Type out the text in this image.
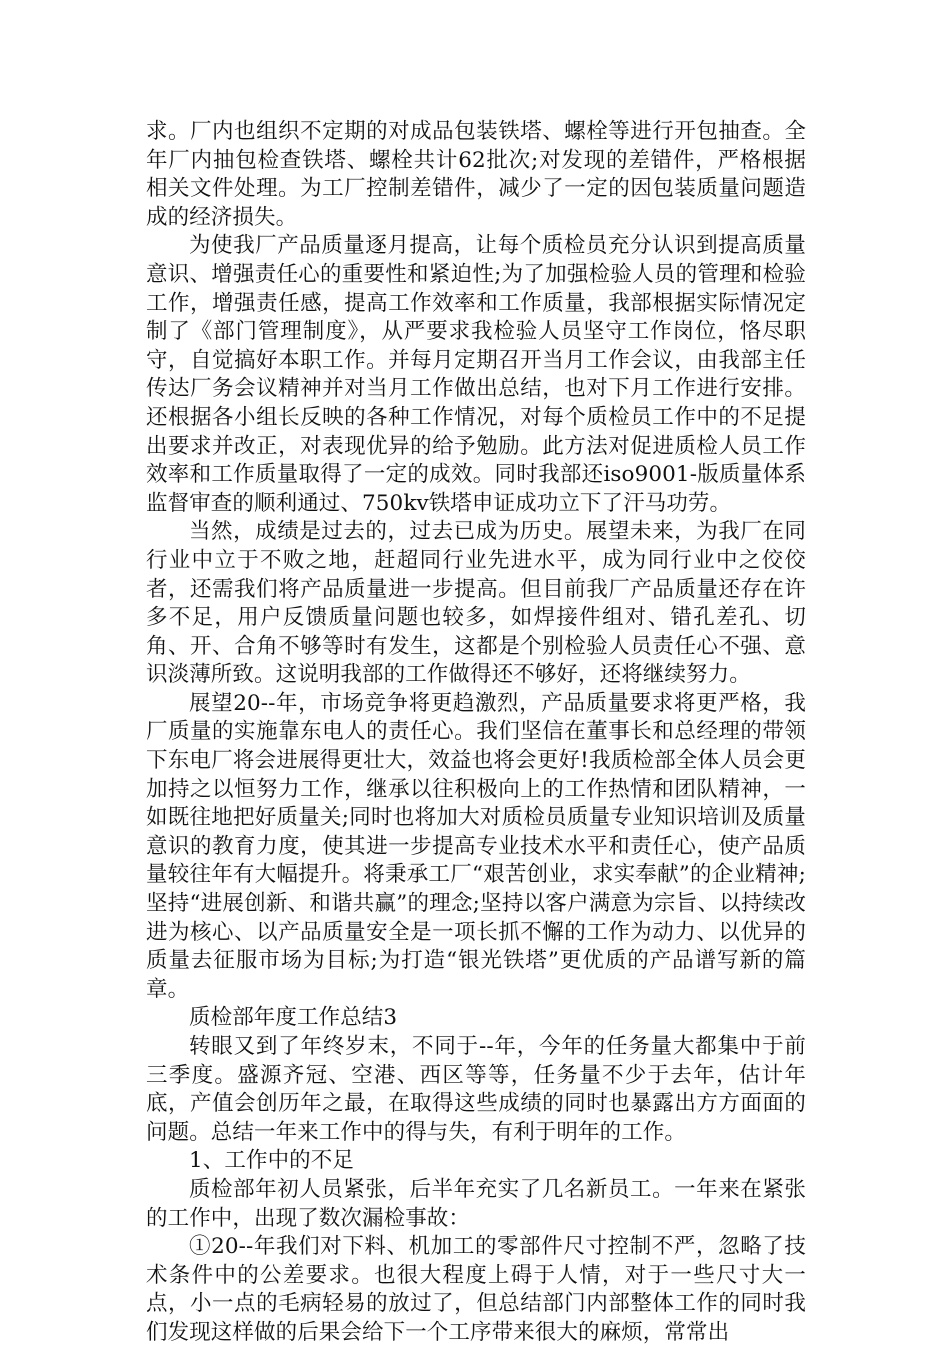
求。厂内也组织不定期的对成品包装铁塔、螺栓等进行开包抽查。全年厂内抽包检查铁塔、螺栓共计62批次;对发现的差错件，严格根据相关文件处理。为工厂控制差错件，减少了一定的因包装质量问题造成的经济损失。

为使我厂产品质量逐月提高，让每个质检员充分认识到提高质量意识、增强责任心的重要性和紧迫性;为了加强检验人员的管理和检验工作，增强责任感，提高工作效率和工作质量，我部根据实际情况定制了《部门管理制度》，从严要求我检验人员坚守工作岗位，恪尽职守，自觉搞好本职工作。并每月定期召开当月工作会议，由我部主任传达厂务会议精神并对当月工作做出总结，也对下月工作进行安排。还根据各小组长反映的各种工作情况，对每个质检员工作中的不足提出要求并改正，对表现优异的给予勉励。此方法对促进质检人员工作效率和工作质量取得了一定的成效。同时我部还iso9001-版质量体系监督审查的顺利通过、750kv铁塔申证成功立下了汗马功劳。

当然，成绩是过去的，过去已成为历史。展望未来，为我厂在同行业中立于不败之地，赶超同行业先进水平，成为同行业中之佼佼者，还需我们将产品质量进一步提高。但目前我厂产品质量还存在许多不足，用户反馈质量问题也较多，如焊接件组对、错孔差孔、切角、开、合角不够等时有发生，这都是个别检验人员责任心不强、意识淡薄所致。这说明我部的工作做得还不够好，还将继续努力。

展望20--年，市场竞争将更趋激烈，产品质量要求将更严格，我厂质量的实施靠东电人的责任心。我们坚信在董事长和总经理的带领下东电厂将会进展得更壮大，效益也将会更好!我质检部全体人员会更加持之以恒努力工作，继承以往积极向上的工作热情和团队精神，一如既往地把好质量关;同时也将加大对质检员质量专业知识培训及质量意识的教育力度，使其进一步提高专业技术水平和责任心，使产品质量较往年有大幅提升。将秉承工厂“艰苦创业，求实奉献”的企业精神;坚持“进展创新、和谐共赢”的理念;坚持以客户满意为宗旨、以持续改进为核心、以产品质量安全是一项长抓不懈的工作为动力、以优异的质量去征服市场为目标;为打造“银光铁塔”更优质的产品谱写新的篇章。

质检部年度工作总结3

转眼又到了年终岁末，不同于--年，今年的任务量大都集中于前三季度。盛源齐冠、空港、西区等等，任务量不少于去年，估计年底，产值会创历年之最，在取得这些成绩的同时也暴露出方方面面的问题。总结一年来工作中的得与失，有利于明年的工作。

1、工作中的不足

质检部年初人员紧张，后半年充实了几名新员工。一年来在紧张的工作中，出现了数次漏检事故：

①20--年我们对下料、机加工的零部件尺寸控制不严，忽略了技术条件中的公差要求。也很大程度上碍于人情，对于一些尺寸大一点，小一点的毛病轻易的放过了，但总结部门内部整体工作的同时我们发现这样做的后果会给下一个工序带来很大的麻烦，常常出
